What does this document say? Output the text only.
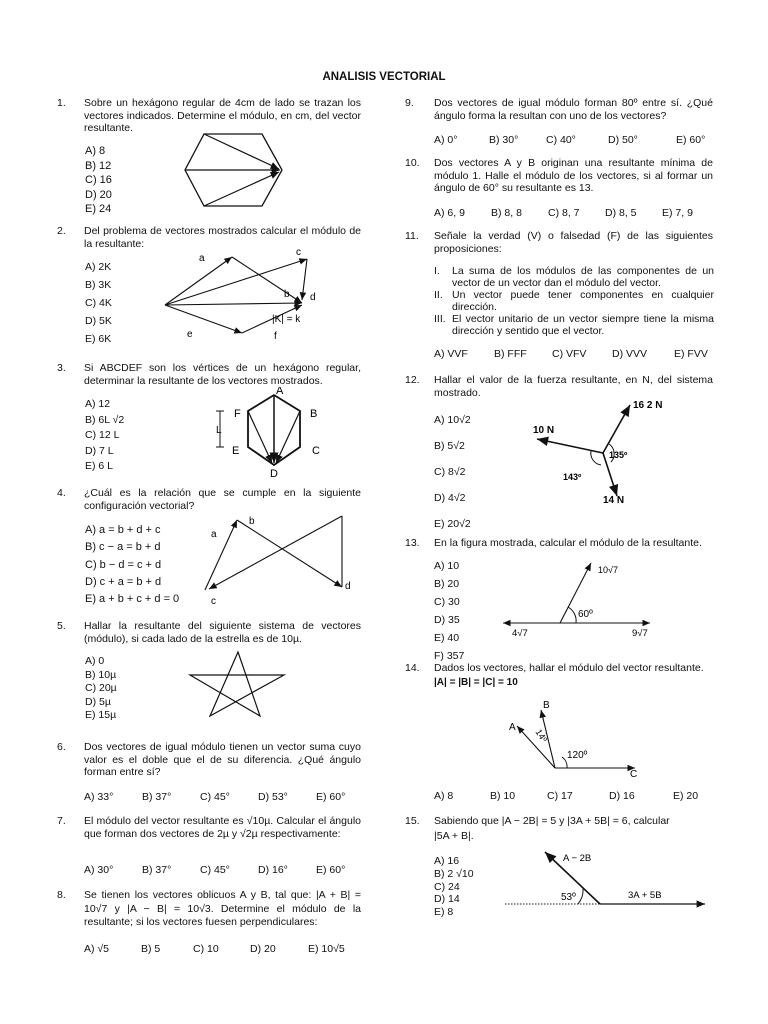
ANALISIS VECTORIAL
1. Sobre un hexágono regular de 4cm de lado se trazan los vectores indicados. Determine el módulo, en cm, del vector resultante.
A) 8
B) 12
C) 16
D) 20
E) 24
2. Del problema de vectores mostrados calcular el módulo de la resultante:
A) 2K
B) 3K
C) 4K
D) 5K
E) 6K
a
c
b d
|K| = k
e	f
3. Si ABCDEF son los vértices de un hexágono regular, determinar la resultante de los vectores mostrados.
A) 12
B) 6L √2
C) 12 L
D) 7 L
E) 6 L
A
B
C
D
E
F
L
4. ¿Cuál es la relación que se cumple en la siguiente configuración vectorial?
A) a = b + d + c
B) c − a = b + d
C) b − d = c + d
D) c + a = b + d
E) a + b + c + d = 0
a
b
c
d
5. Hallar la resultante del siguiente sistema de vectores (módulo), si cada lado de la estrella es de 10µ.
A) 0
B) 10µ
C) 20µ
D) 5µ
E) 15µ
6. Dos vectores de igual módulo tienen un vector suma cuyo valor es el doble que el de su diferencia. ¿Qué ángulo forman entre sí?
A) 33°	B) 37°	C) 45°	D) 53°	E) 60°
7. El módulo del vector resultante es √10µ. Calcular el ángulo que forman dos vectores de 2µ y √2µ respectivamente:
A) 30°	B) 37°	C) 45°	D) 16°	E) 60°
8. Se tienen los vectores oblicuos A y B, tal que: |A + B| = 10√7 y |A − B| = 10√3. Determine el módulo de la resultante; si los vectores fuesen perpendiculares:
A) √5	B) 5	C) 10	D) 20	E) 10√5
9. Dos vectores de igual módulo forman 80º entre sí. ¿Qué ángulo forma la resultan con uno de los vectores?
A) 0°	B) 30°	C) 40°	D) 50°	E) 60°
10. Dos vectores A y B originan una resultante mínima de módulo 1. Halle el módulo de los vectores, si al formar un ángulo de 60° su resultante es 13.
A) 6, 9	B) 8, 8	C) 8, 7	D) 8, 5	E) 7, 9
11. Señale la verdad (V) o falsedad (F) de las siguientes proposiciones:
I. La suma de los módulos de las componentes de un vector de un vector dan el módulo del vector.
II. Un vector puede tener componentes en cualquier dirección.
III. El vector unitario de un vector siempre tiene la misma dirección y sentido que el vector.
A) VVF	B) FFF	C) VFV	D) VVV	E) FVV
12. Hallar el valor de la fuerza resultante, en N, del sistema mostrado.
A) 10√2
B) 5√2
C) 8√2
D) 4√2
E) 20√2
16 2 N
10 N
14 N
135º
143º
13. En la figura mostrada, calcular el módulo de la resultante.
A) 10
B) 20
C) 30
D) 35
E) 40
F) 357
10√7
60º
4√7	9√7
14. Dados los vectores, hallar el módulo del vector resultante.
|A| = |B| = |C| = 10
B
A
C
14º
120º
A) 8	B) 10	C) 17	D) 16	E) 20
15. Sabiendo que |A − 2B| = 5 y |3A + 5B| = 6, calcular
|5A + B|.
A) 16
B) 2 √10
C) 24
D) 14
E) 8
A − 2B
53º	3A + 5B
